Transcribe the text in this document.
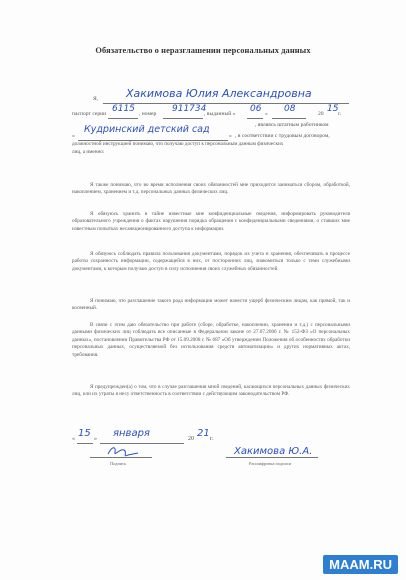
Обязательство о неразглашении персональных данных
Я,	Хакимова Юлия Александровна
паспорт серии 6115 , номер 911734
, выданный « 06 » 08	20 15 г.
, являясь штатным работником
«
Кудринский детский сад
» , в соответствии с трудовым договором,
должностной инструкцией понимаю, что получаю доступ к персональным данным физических
лиц, а именно:
Я также понимаю, что во время исполнения своих обязанностей мне приходится заниматься сбором, обработкой, накоплением, хранением и т.д. персональных данных физических лиц.
Я обязуюсь хранить в тайне известные мне конфиденциальные сведения, информировать руководителя образовательного учреждения о фактах нарушения порядка обращения с конфиденциальными сведениями, о ставших мне известным попытках несанкционированного доступа к информации.
Я обязуюсь соблюдать правила пользования документами, порядок их учета и хранения, обеспечивать в процессе работы сохранность информации, содержащейся в них, от посторонних лиц, знакомиться только с теми служебными документами, к которым получаю доступ в силу исполнения своих служебных обязанностей.
Я понимаю, что разглашение такого рода информации может нанести ущерб физическим лицам, как прямой, так и косвенный.
В связи с этим даю обязательство при работе (сборе, обработке, накоплении, хранении и т.д.) с персональными данными физических лиц соблюдать все описанные в Федеральном законе от 27.07.2006 г. № 152-ФЗ «О персональных данных», постановлении Правительства РФ от 15.09.2008 г. № 687 «Об утверждении Положения об особенностях обработки персональных данных, осуществляемой без использования средств автоматизации» и других нормативных актах, требования.
Я предупрежден(а) о том, что в случае разглашения мной сведений, касающихся персональных данных физических лиц, или их утраты я несу ответственность в соответствии с действующим законодательством РФ.
« 15 » января	20 21 г.
Хакимова Ю.А.
Подпись	Расшифровка подписи
MAAM.RU
